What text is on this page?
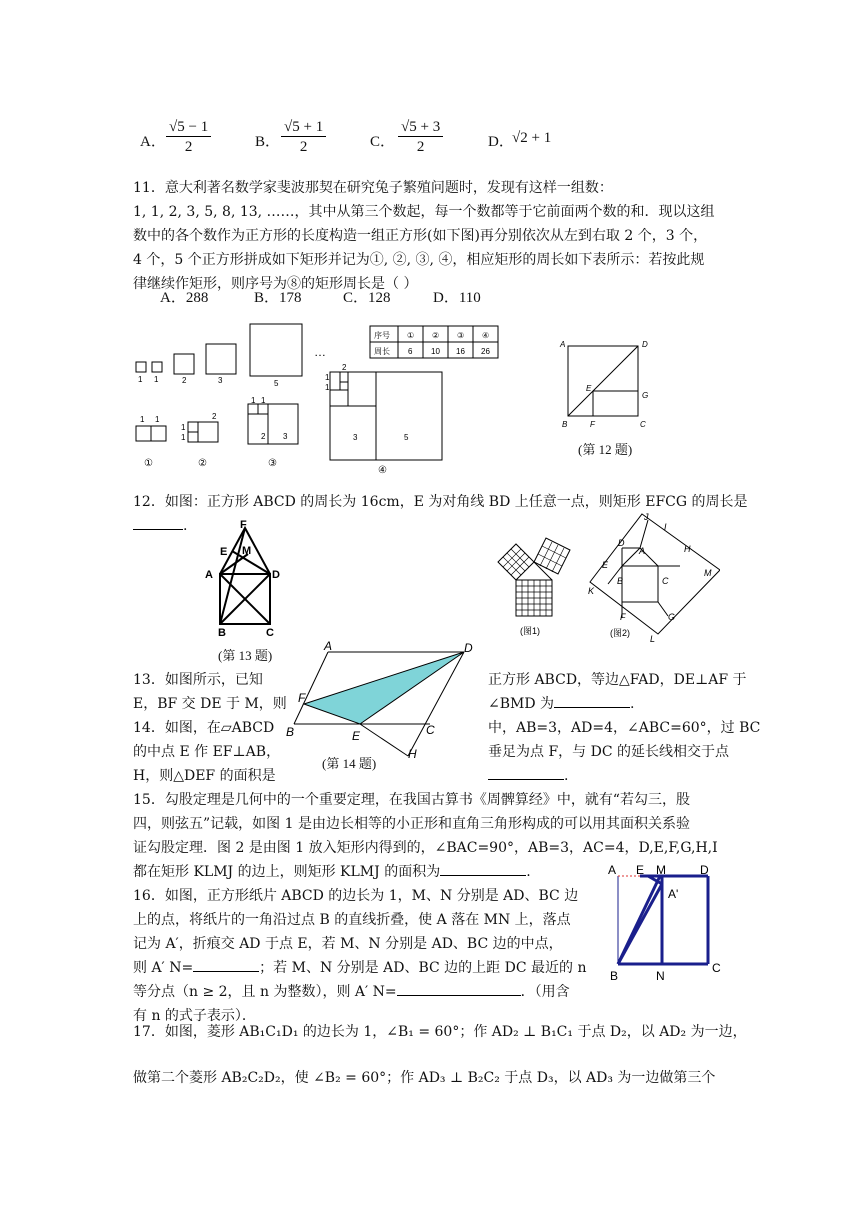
A． $\frac{√5 - 1}{2}$	B． $\frac{√5 + 1}{2}$	C． $\frac{√5 + 3}{2}$	D．
√2 + 1
11．意大利著名数学家斐波那契在研究兔子繁殖问题时，发现有这样一组数：
1, 1, 2, 3, 5, 8, 13, ……，其中从第三个数起，每一个数都等于它前面两个数的和．现以这组
数中的各个数作为正方形的长度构造一组正方形(如下图)再分别依次从左到右取 2 个，3 个，
4 个，5 个正方形拼成如下矩形并记为①, ②, ③, ④，相应矩形的周长如下表所示：若按此规
律继续作矩形，则序号为⑧的矩形周长是（ ）
A．288	B．178	C．128	D．110
1 1	2	3	5
…
1 1	2
1
1
1 1
2 3
2
1
1
3	5
①	②	③
④
序号 ① ② ③ ④
周长 6 10 16 26
A	D
E
G
B	F	C
(第 12 题)
12．如图：正方形 ABCD 的周长为 16cm，E 为对角线 BD 上任意一点，则矩形 EFCG 的周长是
.	F
E M
A	D
B	C
(第 13 题)
J
I
D
A	H
E
M
K
B	C
F	G
L
(图1)	(图2)
A	D
F
B	E	C
H
(第 14 题)
13．如图所示，已知
E，BF 交 DE 于 M，则
正方形 ABCD，等边△FAD，DE⊥AF 于
∠BMD 为	.
14．如图，在▱ABCD
的中点 E 作 EF⊥AB，
H，则△DEF 的面积是
中，AB=3，AD=4，∠ABC=60°，过 BC
垂足为点 F，与 DC 的延长线相交于点
.
15．勾股定理是几何中的一个重要定理，在我国古算书《周髀算经》中，就有“若勾三，股
四，则弦五”记载，如图 1 是由边长相等的小正形和直角三角形构成的可以用其面积关系验
证勾股定理．图 2 是由图 1 放入矩形内得到的，∠BAC=90°，AB=3，AC=4，D,E,F,G,H,I
都在矩形 KLMJ 的边上，则矩形 KLMJ 的面积为	.
16．如图，正方形纸片 ABCD 的边长为 1，M、N 分别是 AD、BC 边
上的点，将纸片的一角沿过点 B 的直线折叠，使 A 落在 MN 上，落点
记为 A′，折痕交 AD 于点 E，若 M、N 分别是 AD、BC 边的中点，
则 A′ N=	；若 M、N 分别是 AD、BC 边的上距 DC 最近的 n
等分点（n ≥ 2，且 n 为整数），则 A′ N=	．（用含
有 n 的式子表示）．
A E M	D
A'
B	N
C
17．如图，菱形 AB₁C₁D₁ 的边长为 1，∠B₁ = 60°；作 AD₂ ⊥ B₁C₁ 于点 D₂，以 AD₂ 为一边，
做第二个菱形 AB₂C₂D₂，使 ∠B₂ = 60°；作 AD₃ ⊥ B₂C₂ 于点 D₃，以 AD₃ 为一边做第三个
